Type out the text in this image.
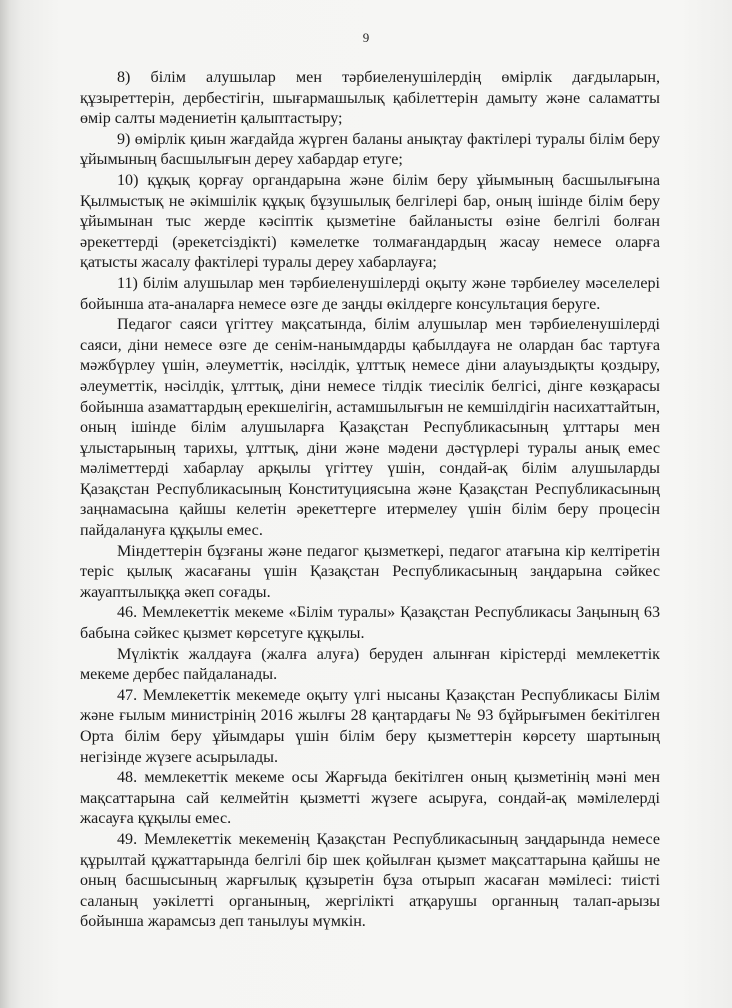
9

8) білім алушылар мен тәрбиеленушілердің өмірлік дағдыларын, құзыреттерін, дербестігін, шығармашылық қабілеттерін дамыту және саламатты өмір салты мәдениетін қалыптастыру;

9) өмірлік қиын жағдайда жүрген баланы анықтау фактілері туралы білім беру ұйымының басшылығын дереу хабардар етуге;

10) құқық қорғау органдарына және білім беру ұйымының басшылығына Қылмыстық не әкімшілік құқық бұзушылық белгілері бар, оның ішінде білім беру ұйымынан тыс жерде кәсіптік қызметіне байланысты өзіне белгілі болған әрекеттерді (әрекетсіздікті) кәмелетке толмағандардың жасау немесе оларға қатысты жасалу фактілері туралы дереу хабарлауға;

11) білім алушылар мен тәрбиеленушілерді оқыту және тәрбиелеу мәселелері бойынша ата-аналарға немесе өзге де заңды өкілдерге консультация беруге.

Педагог саяси үгіттеу мақсатында, білім алушылар мен тәрбиеленушілерді саяси, діни немесе өзге де сенім-нанымдарды қабылдауға не олардан бас тартуға мәжбүрлеу үшін, әлеуметтік, нәсілдік, ұлттық немесе діни алауыздықты қоздыру, әлеуметтік, нәсілдік, ұлттық, діни немесе тілдік тиесілік белгісі, дінге көзқарасы бойынша азаматтардың ерекшелігін, астамшылығын не кемшілдігін насихаттайтын, оның ішінде білім алушыларға Қазақстан Республикасының ұлттары мен ұлыстарының тарихы, ұлттық, діни және мәдени дәстүрлері туралы анық емес мәліметтерді хабарлау арқылы үгіттеу үшін, сондай-ақ білім алушыларды Қазақстан Республикасының Конституциясына және Қазақстан Республикасының заңнамасына қайшы келетін әрекеттерге итермелеу үшін білім беру процесін пайдалануға құқылы емес.

Міндеттерін бұзғаны және педагог қызметкері, педагог атағына кір келтіретін теріс қылық жасағаны үшін Қазақстан Республикасының заңдарына сәйкес жауаптылыққа әкеп соғады.

46. Мемлекеттік мекеме «Білім туралы» Қазақстан Республикасы Заңының 63 бабына сәйкес қызмет көрсетуге құқылы.

Мүліктік жалдауға (жалға алуға) беруден алынған кірістерді мемлекеттік мекеме дербес пайдаланады.

47. Мемлекеттік мекемеде оқыту үлгі нысаны Қазақстан Республикасы Білім және ғылым министрінің 2016 жылғы 28 қаңтардағы № 93 бұйрығымен бекітілген Орта білім беру ұйымдары үшін білім беру қызметтерін көрсету шартының негізінде жүзеге асырылады.

48. мемлекеттік мекеме осы Жарғыда бекітілген оның қызметінің мәні мен мақсаттарына сай келмейтін қызметті жүзеге асыруға, сондай-ақ мәмілелерді жасауға құқылы емес.

49. Мемлекеттік мекеменің Қазақстан Республикасының заңдарында немесе құрылтай құжаттарында белгілі бір шек қойылған қызмет мақсаттарына қайшы не оның басшысының жарғылық құзыретін бұза отырып жасаған мәмілесі: тиісті саланың уәкілетті органының, жергілікті атқарушы органның талап-арызы бойынша жарамсыз деп танылуы мүмкін.
